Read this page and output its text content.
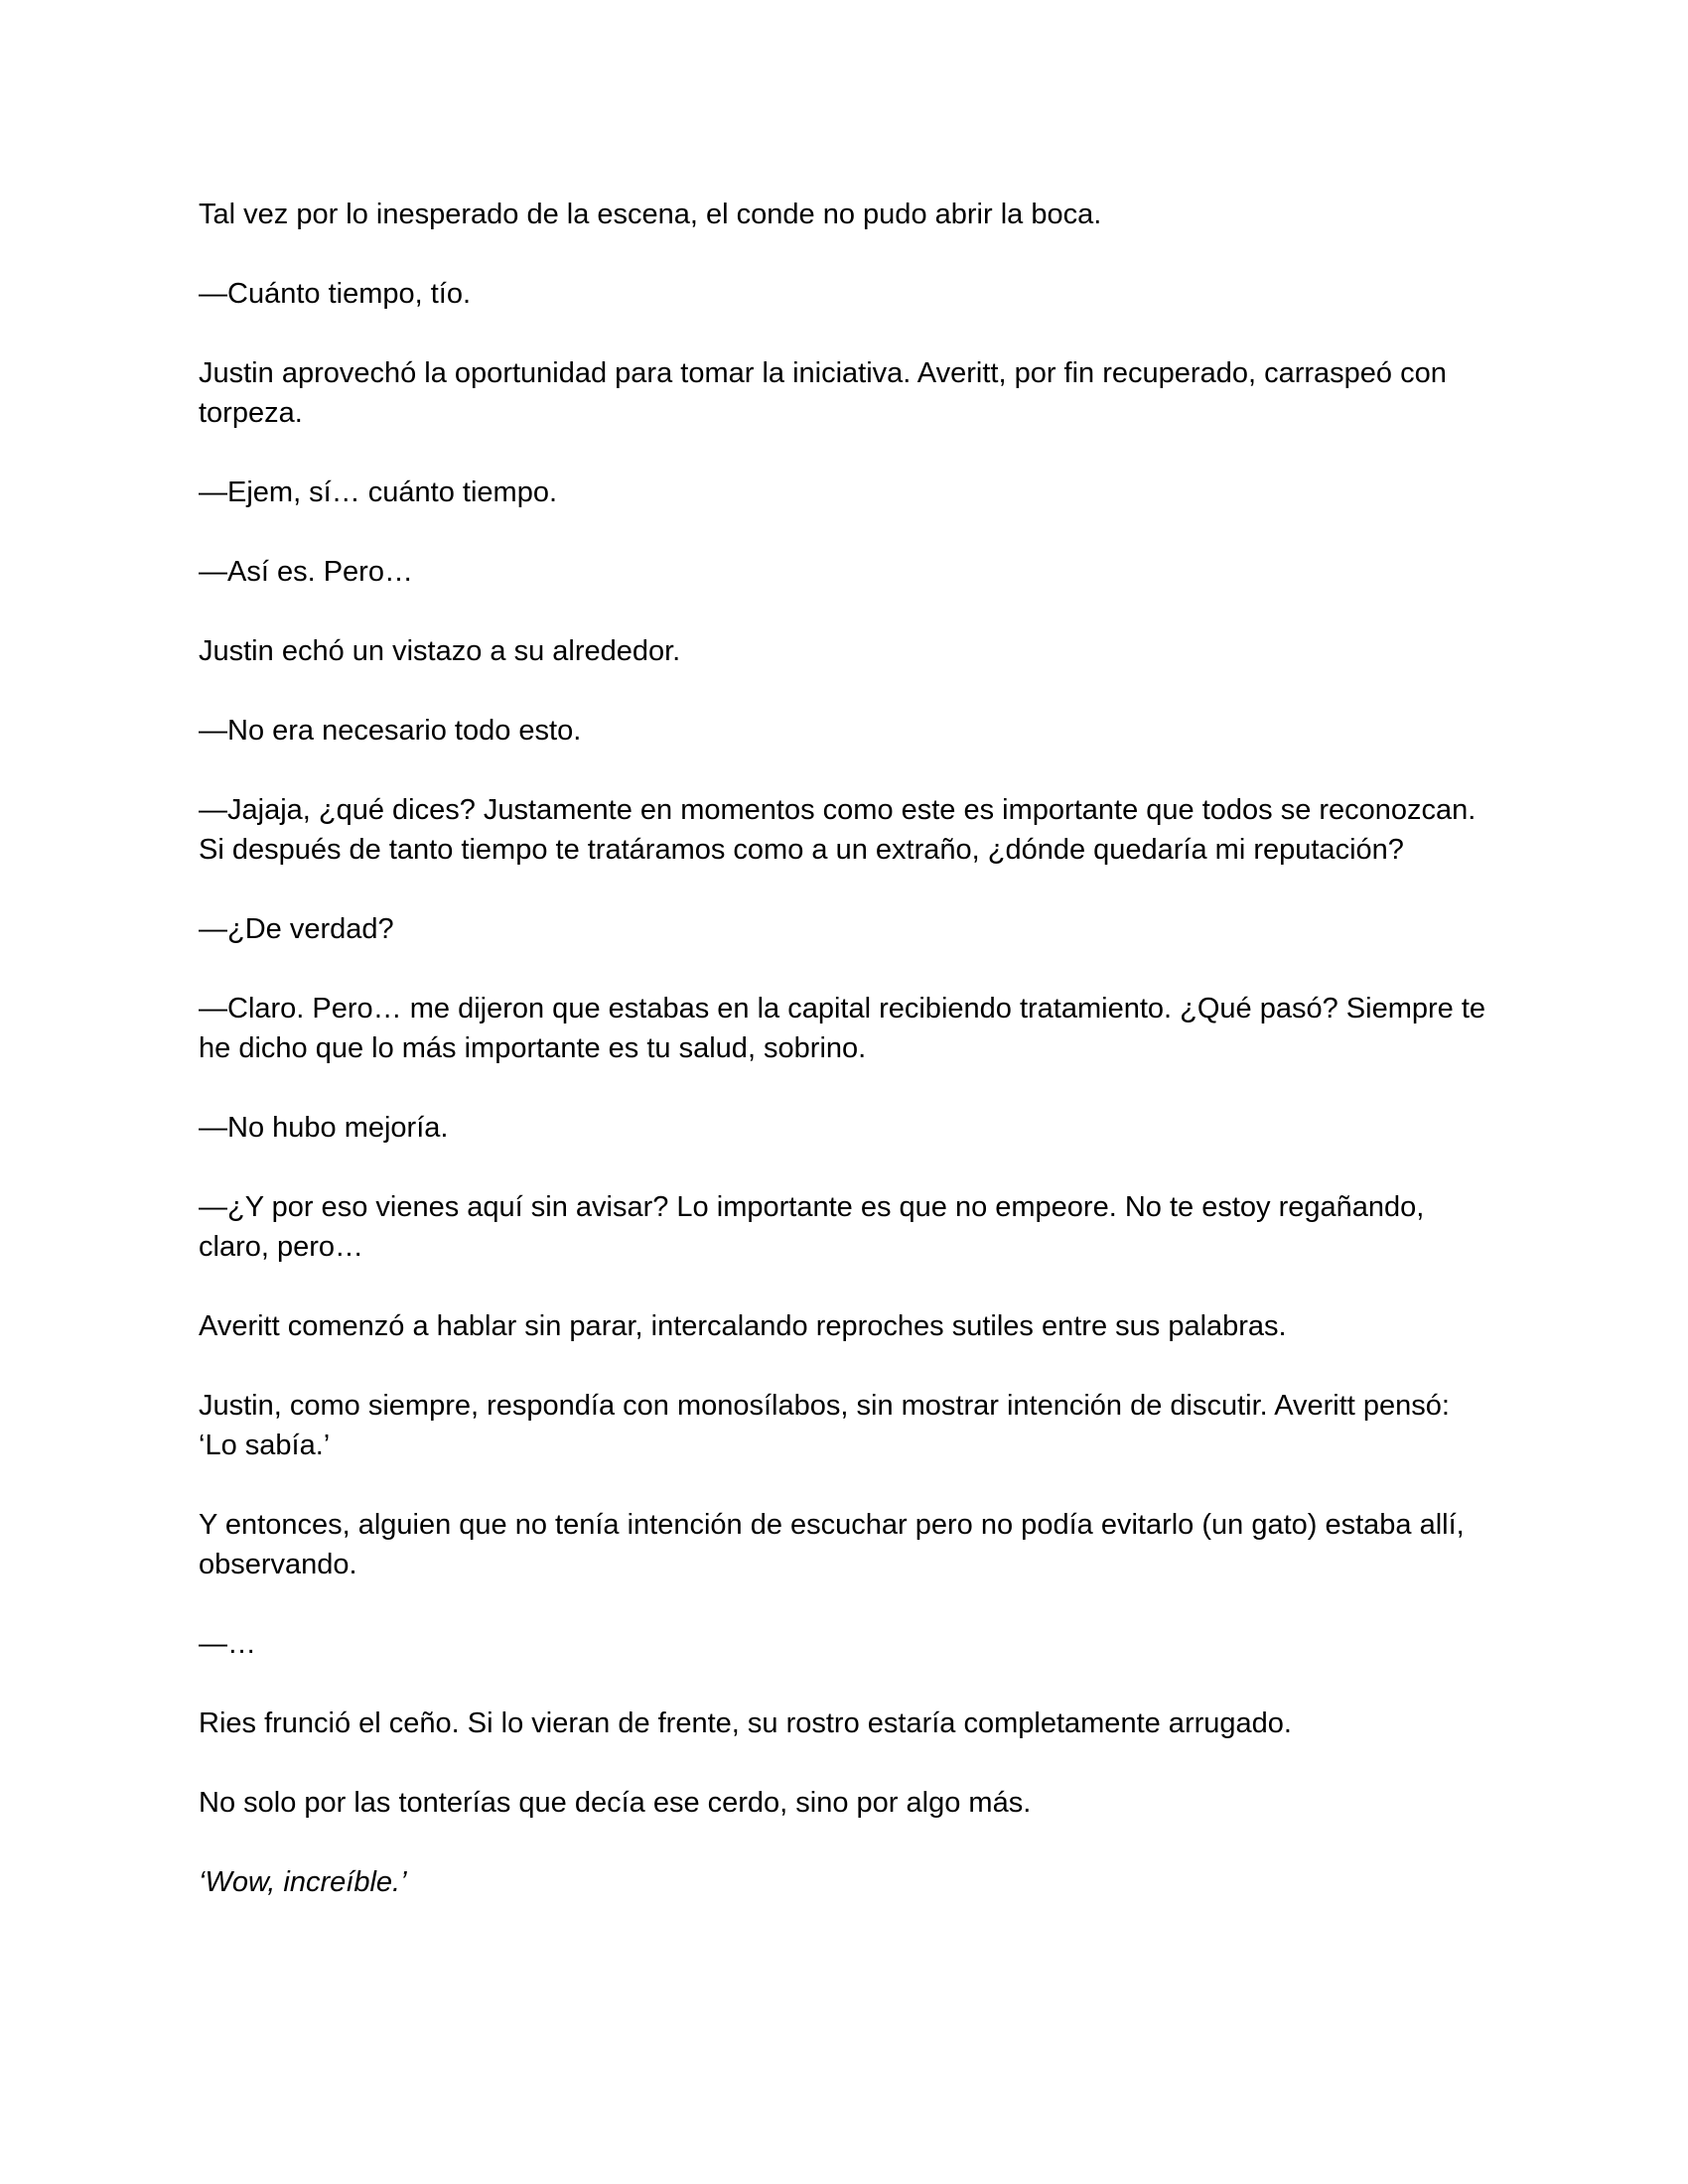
Tal vez por lo inesperado de la escena, el conde no pudo abrir la boca.

—Cuánto tiempo, tío.

Justin aprovechó la oportunidad para tomar la iniciativa. Averitt, por fin recuperado, carraspeó con torpeza.

—Ejem, sí… cuánto tiempo.

—Así es. Pero…

Justin echó un vistazo a su alrededor.

—No era necesario todo esto.

—Jajaja, ¿qué dices? Justamente en momentos como este es importante que todos se reconozcan. Si después de tanto tiempo te tratáramos como a un extraño, ¿dónde quedaría mi reputación?

—¿De verdad?

—Claro. Pero… me dijeron que estabas en la capital recibiendo tratamiento. ¿Qué pasó? Siempre te he dicho que lo más importante es tu salud, sobrino.

—No hubo mejoría.

—¿Y por eso vienes aquí sin avisar? Lo importante es que no empeore. No te estoy regañando, claro, pero…

Averitt comenzó a hablar sin parar, intercalando reproches sutiles entre sus palabras.

Justin, como siempre, respondía con monosílabos, sin mostrar intención de discutir. Averitt pensó: ‘Lo sabía.’

Y entonces, alguien que no tenía intención de escuchar pero no podía evitarlo (un gato) estaba allí, observando.

—…

Ries frunció el ceño. Si lo vieran de frente, su rostro estaría completamente arrugado.

No solo por las tonterías que decía ese cerdo, sino por algo más.

‘Wow, increíble.’
